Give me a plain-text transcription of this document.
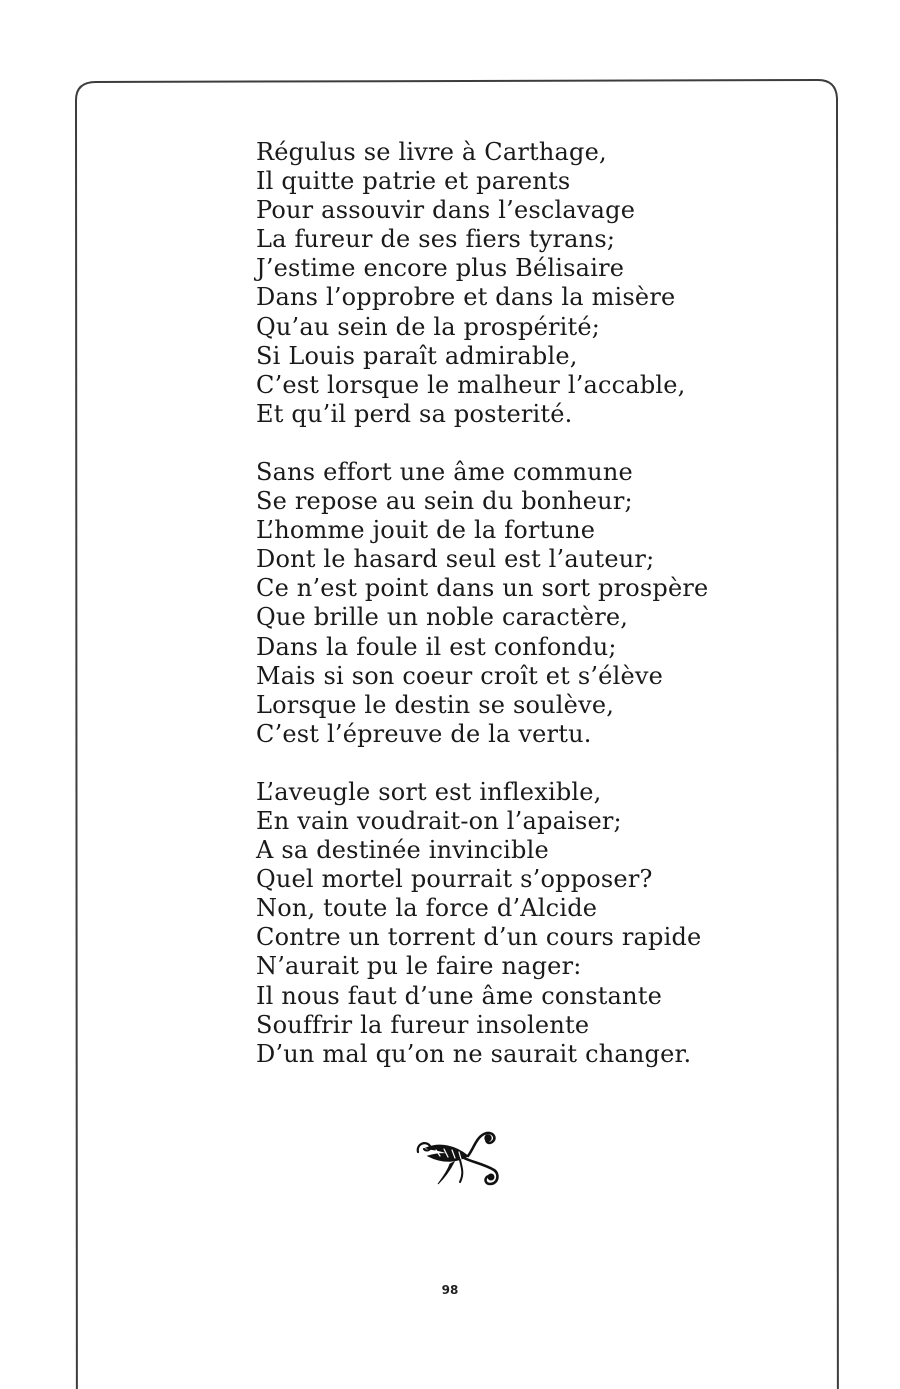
Régulus se livre à Carthage,
Il quitte patrie et parents
Pour assouvir dans l’esclavage
La fureur de ses fiers tyrans;
J’estime encore plus Bélisaire
Dans l’opprobre et dans la misère
Qu’au sein de la prospérité;
Si Louis paraît admirable,
C’est lorsque le malheur l’accable,
Et qu’il perd sa posterité.
Sans effort une âme commune
Se repose au sein du bonheur;
L’homme jouit de la fortune
Dont le hasard seul est l’auteur;
Ce n’est point dans un sort prospère
Que brille un noble caractère,
Dans la foule il est confondu;
Mais si son coeur croît et s’élève
Lorsque le destin se soulève,
C’est l’épreuve de la vertu.
L’aveugle sort est inflexible,
En vain voudrait-on l’apaiser;
A sa destinée invincible
Quel mortel pourrait s’opposer?
Non, toute la force d’Alcide
Contre un torrent d’un cours rapide
N’aurait pu le faire nager:
Il nous faut d’une âme constante
Souffrir la fureur insolente
D’un mal qu’on ne saurait changer.
98
